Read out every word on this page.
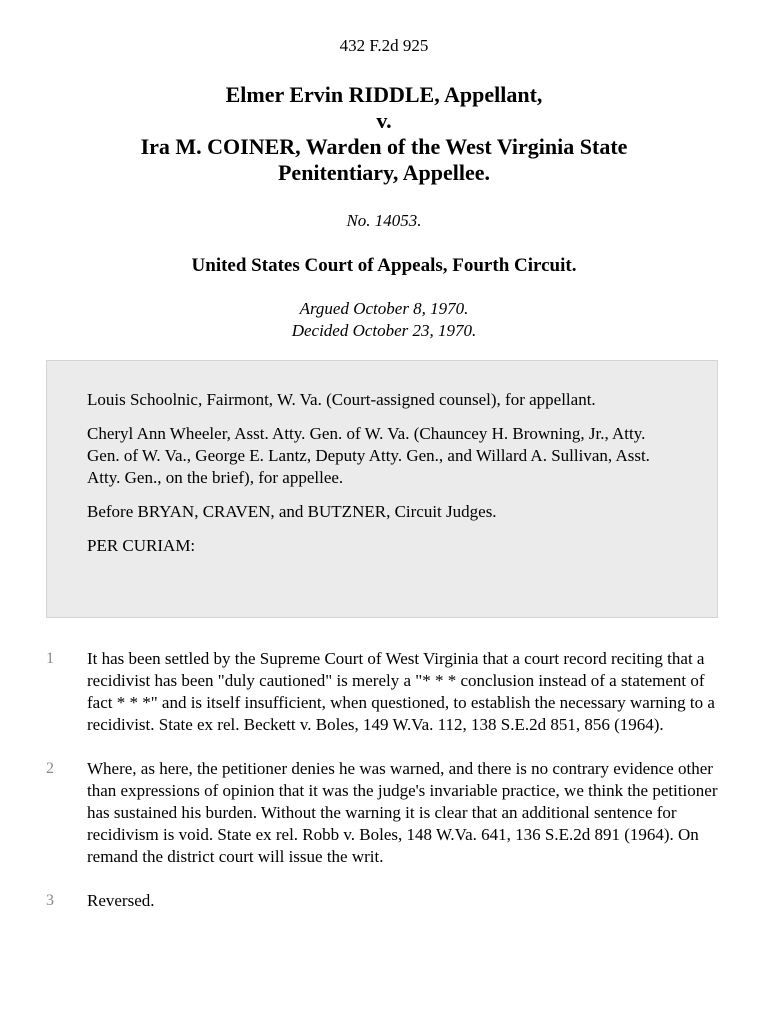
432 F.2d 925
Elmer Ervin RIDDLE, Appellant,
v.
Ira M. COINER, Warden of the West Virginia State
Penitentiary, Appellee.
No. 14053.
United States Court of Appeals, Fourth Circuit.
Argued October 8, 1970.
Decided October 23, 1970.

Louis Schoolnic, Fairmont, W. Va. (Court-assigned counsel), for appellant.

Cheryl Ann Wheeler, Asst. Atty. Gen. of W. Va. (Chauncey H. Browning, Jr., Atty. Gen. of W. Va., George E. Lantz, Deputy Atty. Gen., and Willard A. Sullivan, Asst. Atty. Gen., on the brief), for appellee.

Before BRYAN, CRAVEN, and BUTZNER, Circuit Judges.

PER CURIAM:

1 It has been settled by the Supreme Court of West Virginia that a court record reciting that a recidivist has been "duly cautioned" is merely a "* * * conclusion instead of a statement of fact * * *" and is itself insufficient, when questioned, to establish the necessary warning to a recidivist. State ex rel. Beckett v. Boles, 149 W.Va. 112, 138 S.E.2d 851, 856 (1964).
2 Where, as here, the petitioner denies he was warned, and there is no contrary evidence other than expressions of opinion that it was the judge's invariable practice, we think the petitioner has sustained his burden. Without the warning it is clear that an additional sentence for recidivism is void. State ex rel. Robb v. Boles, 148 W.Va. 641, 136 S.E.2d 891 (1964). On remand the district court will issue the writ.
3 Reversed.
